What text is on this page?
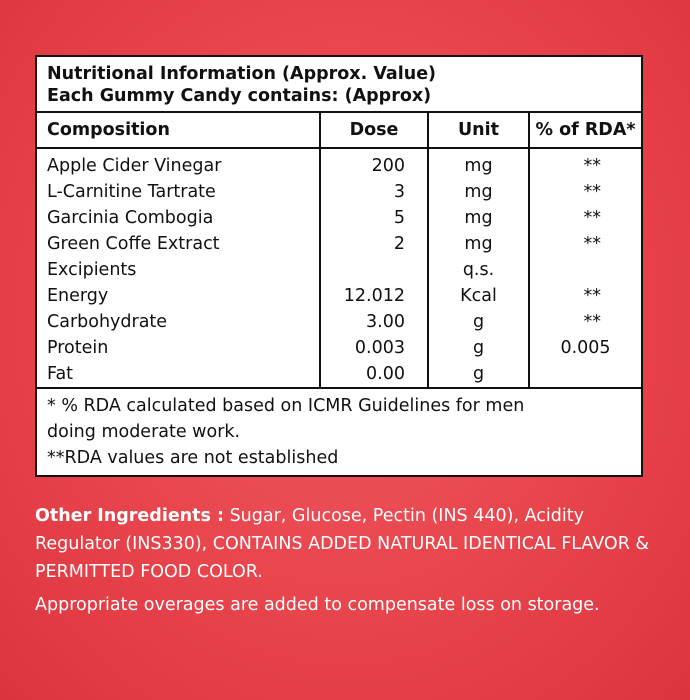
Nutritional Information (Approx. Value)
Each Gummy Candy contains: (Approx)
Composition	Dose	Unit	% of RDA*
Apple Cider Vinegar	200	mg	**
L-Carnitine Tartrate	3	mg	**
Garcinia Combogia	5	mg	**
Green Coffe Extract	2	mg	**
Excipients		q.s.	
Energy	12.012	Kcal	**
Carbohydrate	3.00	g	**
Protein	0.003	g	0.005
Fat	0.00	g	
* % RDA calculated based on ICMR Guidelines for men
doing moderate work.
**RDA values are not established
Other Ingredients : Sugar, Glucose, Pectin (INS 440), Acidity Regulator (INS330), CONTAINS ADDED NATURAL IDENTICAL FLAVOR & PERMITTED FOOD COLOR.
Appropriate overages are added to compensate loss on storage.
